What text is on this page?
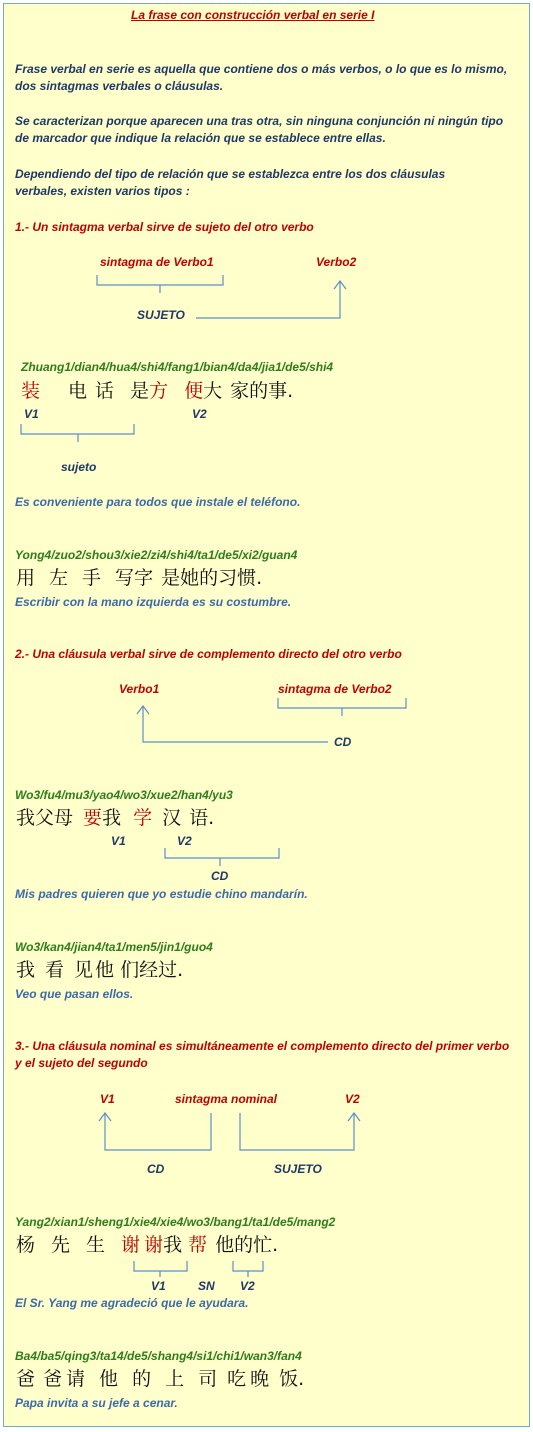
La frase con construcción verbal en serie I
Frase verbal en serie es aquella que contiene dos o más verbos, o lo que es lo mismo, dos sintagmas verbales o cláusulas.
Se caracterizan porque aparecen una tras otra, sin ninguna conjunción ni ningún tipo de marcador que indique la relación que se establece entre ellas.
Dependiendo del tipo de relación que se establezca entre los dos cláusulas verbales, existen varios tipos :
1.- Un sintagma verbal sirve de sujeto del otro verbo
sintagma de Verbo1	Verbo2
SUJETO
Zhuang1/dian4/hua4/shi4/fang1/bian4/da4/jia1/de5/shi4
装 电 话 是方 便大 家的事.
V1	V2
sujeto
Es conveniente para todos que instale el teléfono.
Yong4/zuo2/shou3/xie2/zi4/shi4/ta1/de5/xi2/guan4
用 左 手 写字 是她的习惯.
Escribir con la mano izquierda es su costumbre.
2.- Una cláusula verbal sirve de complemento directo del otro verbo
Verbo1	sintagma de Verbo2
CD
Wo3/fu4/mu3/yao4/wo3/xue2/han4/yu3
我父母 要我 学 汉 语.
V1	V2
CD
Mis padres quieren que yo estudie chino mandarín.
Wo3/kan4/jian4/ta1/men5/jin1/guo4
我 看 见 他 们经过.
Veo que pasan ellos.
3.- Una cláusula nominal es simultáneamente el complemento directo del primer verbo y el sujeto del segundo
V1	sintagma nominal	V2
CD	SUJETO
Yang2/xian1/sheng1/xie4/xie4/wo3/bang1/ta1/de5/mang2
杨 先 生 谢 谢我 帮 他的忙.
V1	SN V2
El Sr. Yang me agradeció que le ayudara.
Ba4/ba5/qing3/ta14/de5/shang4/si1/chi1/wan3/fan4
爸 爸 请 他 的 上 司 吃 晚 饭.
Papa invita a su jefe a cenar.
